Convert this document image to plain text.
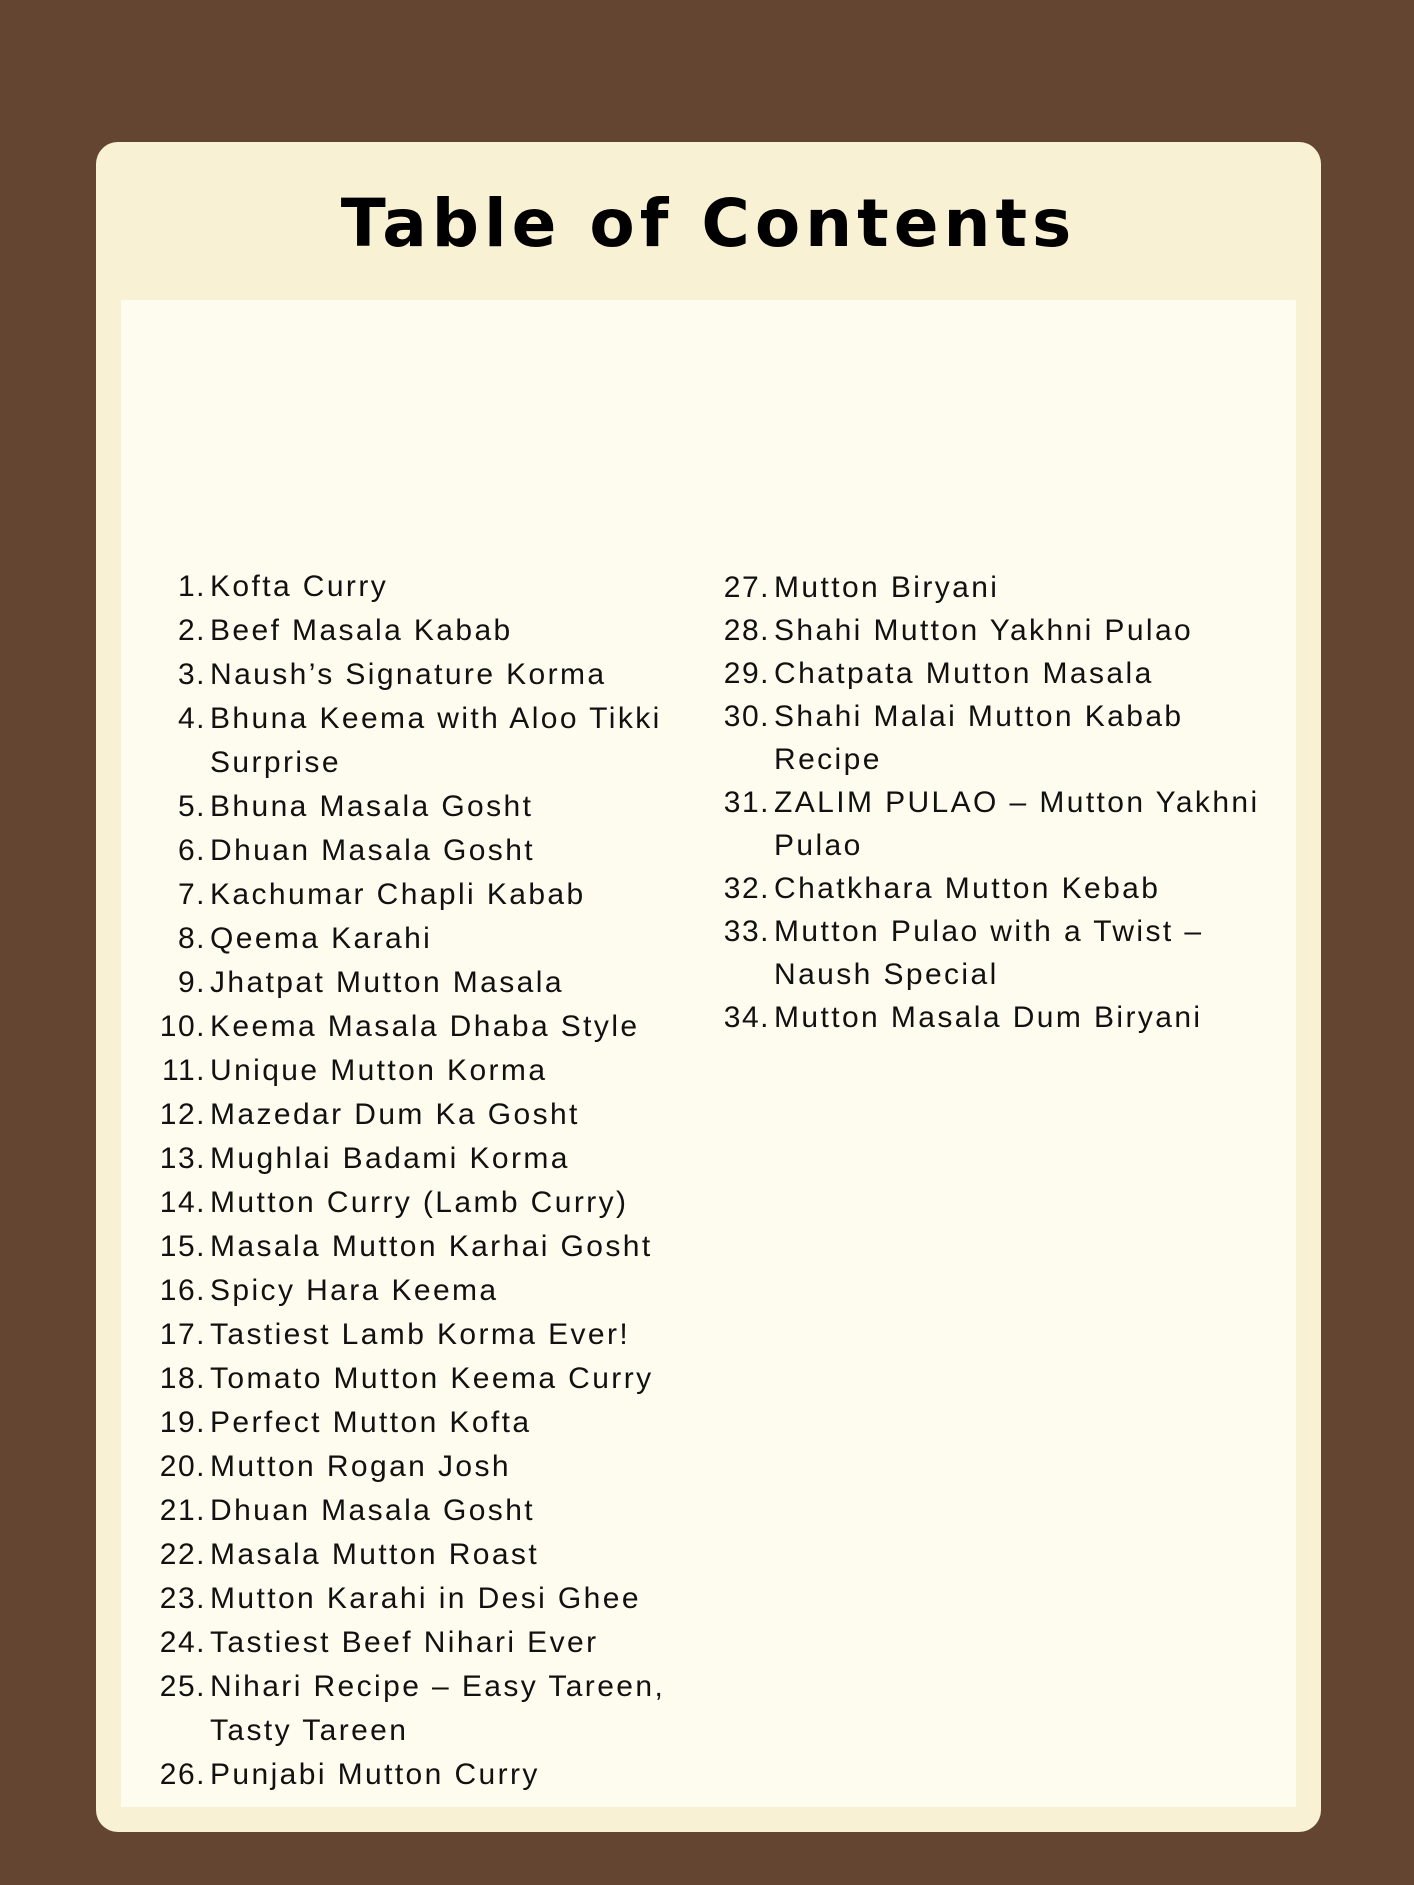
Table of Contents
1. Kofta Curry
2. Beef Masala Kabab
3. Naush’s Signature Korma
4. Bhuna Keema with Aloo Tikki Surprise
5. Bhuna Masala Gosht
6. Dhuan Masala Gosht
7. Kachumar Chapli Kabab
8. Qeema Karahi
9. Jhatpat Mutton Masala
10. Keema Masala Dhaba Style
11. Unique Mutton Korma
12. Mazedar Dum Ka Gosht
13. Mughlai Badami Korma
14. Mutton Curry (Lamb Curry)
15. Masala Mutton Karhai Gosht
16. Spicy Hara Keema
17. Tastiest Lamb Korma Ever!
18. Tomato Mutton Keema Curry
19. Perfect Mutton Kofta
20. Mutton Rogan Josh
21. Dhuan Masala Gosht
22. Masala Mutton Roast
23. Mutton Karahi in Desi Ghee
24. Tastiest Beef Nihari Ever
25. Nihari Recipe – Easy Tareen, Tasty Tareen
26. Punjabi Mutton Curry
27. Mutton Biryani
28. Shahi Mutton Yakhni Pulao
29. Chatpata Mutton Masala
30. Shahi Malai Mutton Kabab Recipe
31. ZALIM PULAO – Mutton Yakhni Pulao
32. Chatkhara Mutton Kebab
33. Mutton Pulao with a Twist – Naush Special
34. Mutton Masala Dum Biryani
